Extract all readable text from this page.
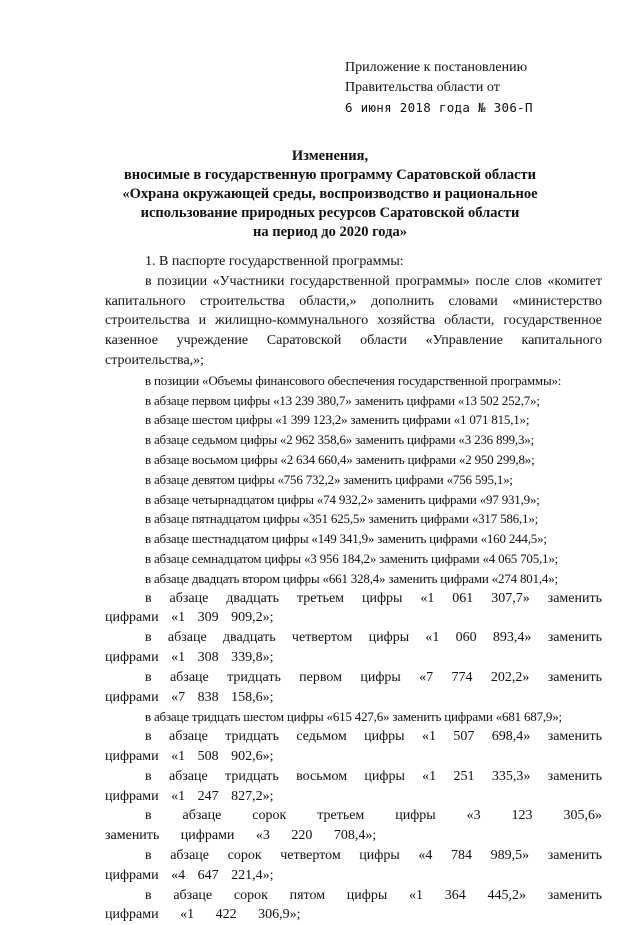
Приложение к постановлению
Правительства области от
6 июня 2018 года № 306-П
Изменения,
вносимые в государственную программу Саратовской области
«Охрана окружающей среды, воспроизводство и рациональное
использование природных ресурсов Саратовской области
на период до 2020 года»

1. В паспорте государственной программы:

в позиции «Участники государственной программы» после слов «комитет капитального строительства области,» дополнить словами «министерство строительства и жилищно-коммунального хозяйства области, государственное казенное учреждение Саратовской области «Управление капитального строительства,»;

в позиции «Объемы финансового обеспечения государственной программы»:

в абзаце первом цифры «13 239 380,7» заменить цифрами «13 502 252,7»;

в абзаце шестом цифры «1 399 123,2» заменить цифрами «1 071 815,1»;

в абзаце седьмом цифры «2 962 358,6» заменить цифрами «3 236 899,3»;

в абзаце восьмом цифры «2 634 660,4» заменить цифрами «2 950 299,8»;

в абзаце девятом цифры «756 732,2» заменить цифрами «756 595,1»;

в абзаце четырнадцатом цифры «74 932,2» заменить цифрами «97 931,9»;

в абзаце пятнадцатом цифры «351 625,5» заменить цифрами «317 586,1»;

в абзаце шестнадцатом цифры «149 341,9» заменить цифрами «160 244,5»;

в абзаце семнадцатом цифры «3 956 184,2» заменить цифрами «4 065 705,1»;

в абзаце двадцать втором цифры «661 328,4» заменить цифрами «274 801,4»;

в абзаце двадцать третьем цифры «1 061 307,7» заменить цифрами «1 309 909,2»;

в абзаце двадцать четвертом цифры «1 060 893,4» заменить цифрами «1 308 339,8»;

в абзаце тридцать первом цифры «7 774 202,2» заменить цифрами «7 838 158,6»;

в абзаце тридцать шестом цифры «615 427,6» заменить цифрами «681 687,9»;

в абзаце тридцать седьмом цифры «1 507 698,4» заменить цифрами «1 508 902,6»;

в абзаце тридцать восьмом цифры «1 251 335,3» заменить цифрами «1 247 827,2»;

в абзаце сорок третьем цифры «3 123 305,6» заменить цифрами «3 220 708,4»;

в абзаце сорок четвертом цифры «4 784 989,5» заменить цифрами «4 647 221,4»;

в абзаце сорок пятом цифры «1 364 445,2» заменить цифрами «1 422 306,9»;
